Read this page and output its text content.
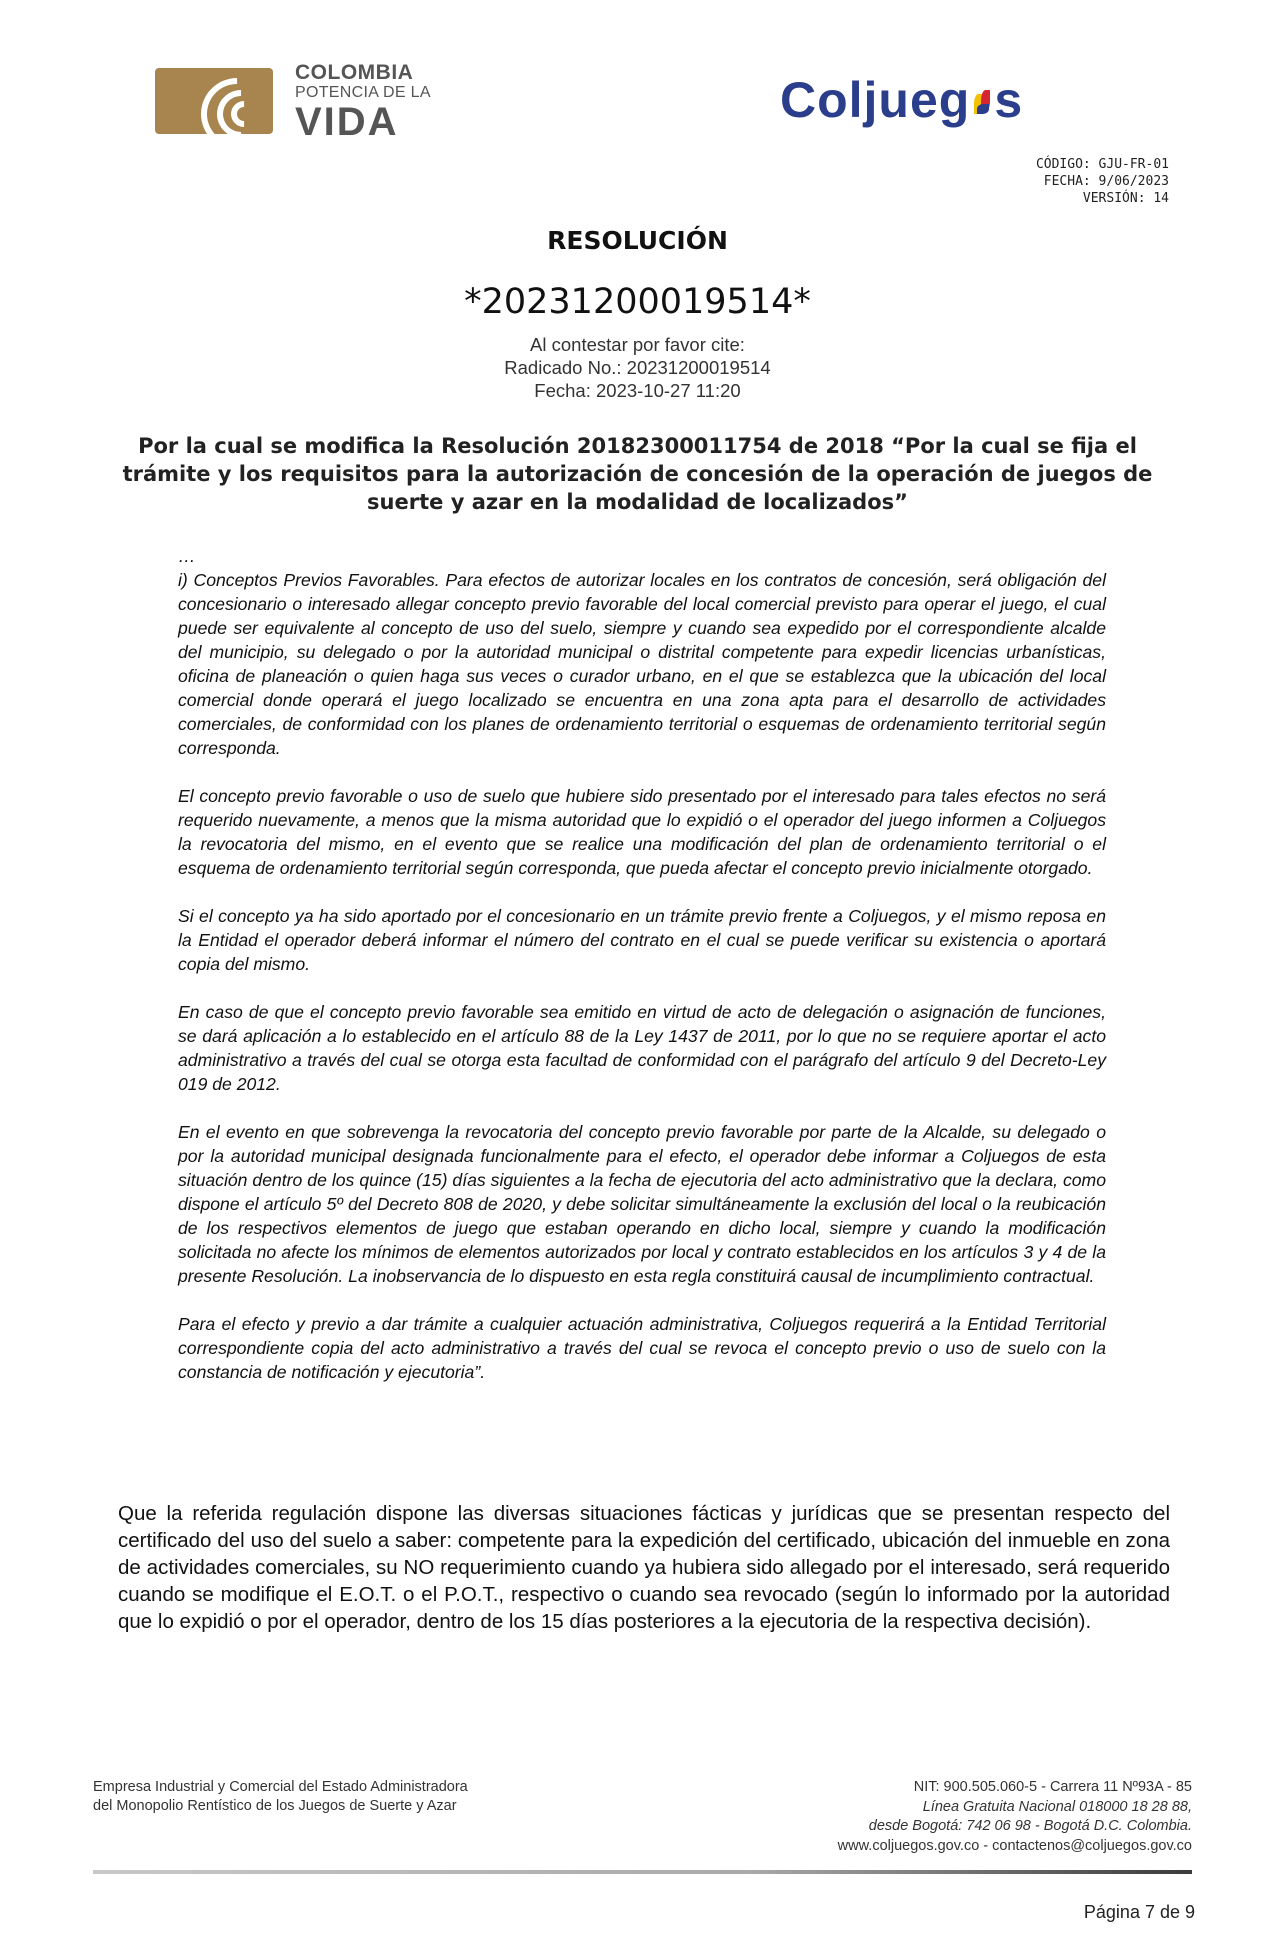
COLOMBIA
POTENCIA DE LA
VIDA	Coljueg s
CÓDIGO: GJU-FR-01
FECHA: 9/06/2023
VERSIÓN: 14
RESOLUCIÓN
*20231200019514*
Al contestar por favor cite:
Radicado No.: 20231200019514
Fecha: 2023-10-27 11:20
Por la cual se modifica la Resolución 20182300011754 de 2018 “Por la cual se fija el trámite y los requisitos para la autorización de concesión de la operación de juegos de suerte y azar en la modalidad de localizados”

…

i) Conceptos Previos Favorables. Para efectos de autorizar locales en los contratos de concesión, será obligación del concesionario o interesado allegar concepto previo favorable del local comercial previsto para operar el juego, el cual puede ser equivalente al concepto de uso del suelo, siempre y cuando sea expedido por el correspondiente alcalde del municipio, su delegado o por la autoridad municipal o distrital competente para expedir licencias urbanísticas, oficina de planeación o quien haga sus veces o curador urbano, en el que se establezca que la ubicación del local comercial donde operará el juego localizado se encuentra en una zona apta para el desarrollo de actividades comerciales, de conformidad con los planes de ordenamiento territorial o esquemas de ordenamiento territorial según corresponda.

El concepto previo favorable o uso de suelo que hubiere sido presentado por el interesado para tales efectos no será requerido nuevamente, a menos que la misma autoridad que lo expidió o el operador del juego informen a Coljuegos la revocatoria del mismo, en el evento que se realice una modificación del plan de ordenamiento territorial o el esquema de ordenamiento territorial según corresponda, que pueda afectar el concepto previo inicialmente otorgado.

Si el concepto ya ha sido aportado por el concesionario en un trámite previo frente a Coljuegos, y el mismo reposa en la Entidad el operador deberá informar el número del contrato en el cual se puede verificar su existencia o aportará copia del mismo.

En caso de que el concepto previo favorable sea emitido en virtud de acto de delegación o asignación de funciones, se dará aplicación a lo establecido en el artículo 88 de la Ley 1437 de 2011, por lo que no se requiere aportar el acto administrativo a través del cual se otorga esta facultad de conformidad con el parágrafo del artículo 9 del Decreto-Ley 019 de 2012.

En el evento en que sobrevenga la revocatoria del concepto previo favorable por parte de la Alcalde, su delegado o por la autoridad municipal designada funcionalmente para el efecto, el operador debe informar a Coljuegos de esta situación dentro de los quince (15) días siguientes a la fecha de ejecutoria del acto administrativo que la declara, como dispone el artículo 5º del Decreto 808 de 2020, y debe solicitar simultáneamente la exclusión del local o la reubicación de los respectivos elementos de juego que estaban operando en dicho local, siempre y cuando la modificación solicitada no afecte los mínimos de elementos autorizados por local y contrato establecidos en los artículos 3 y 4 de la presente Resolución. La inobservancia de lo dispuesto en esta regla constituirá causal de incumplimiento contractual.

Para el efecto y previo a dar trámite a cualquier actuación administrativa, Coljuegos requerirá a la Entidad Territorial correspondiente copia del acto administrativo a través del cual se revoca el concepto previo o uso de suelo con la constancia de notificación y ejecutoria”.

Que la referida regulación dispone las diversas situaciones fácticas y jurídicas que se presentan respecto del certificado del uso del suelo a saber: competente para la expedición del certificado, ubicación del inmueble en zona de actividades comerciales, su NO requerimiento cuando ya hubiera sido allegado por el interesado, será requerido cuando se modifique el E.O.T. o el P.O.T., respectivo o cuando sea revocado (según lo informado por la autoridad que lo expidió o por el operador, dentro de los 15 días posteriores a la ejecutoria de la respectiva decisión).

Empresa Industrial y Comercial del Estado Administradora
del Monopolio Rentístico de los Juegos de Suerte y Azar
NIT: 900.505.060-5 - Carrera 11 Nº93A - 85
Línea Gratuita Nacional 018000 18 28 88,
desde Bogotá: 742 06 98 - Bogotá D.C. Colombia.
www.coljuegos.gov.co - contactenos@coljuegos.gov.co
Página 7 de 9
